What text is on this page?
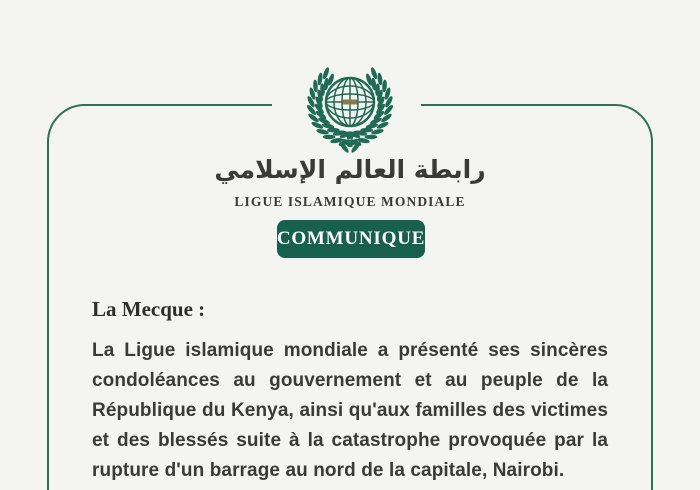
رابطة العالم الإسلامي
LIGUE ISLAMIQUE MONDIALE
COMMUNIQUE
La Mecque :

La Ligue islamique mondiale a présenté ses sincères condoléances au gouvernement et au peuple de la République du Kenya, ainsi qu'aux familles des victimes et des blessés suite à la catastrophe provoquée par la rupture d'un barrage au nord de la capitale, Nairobi.
